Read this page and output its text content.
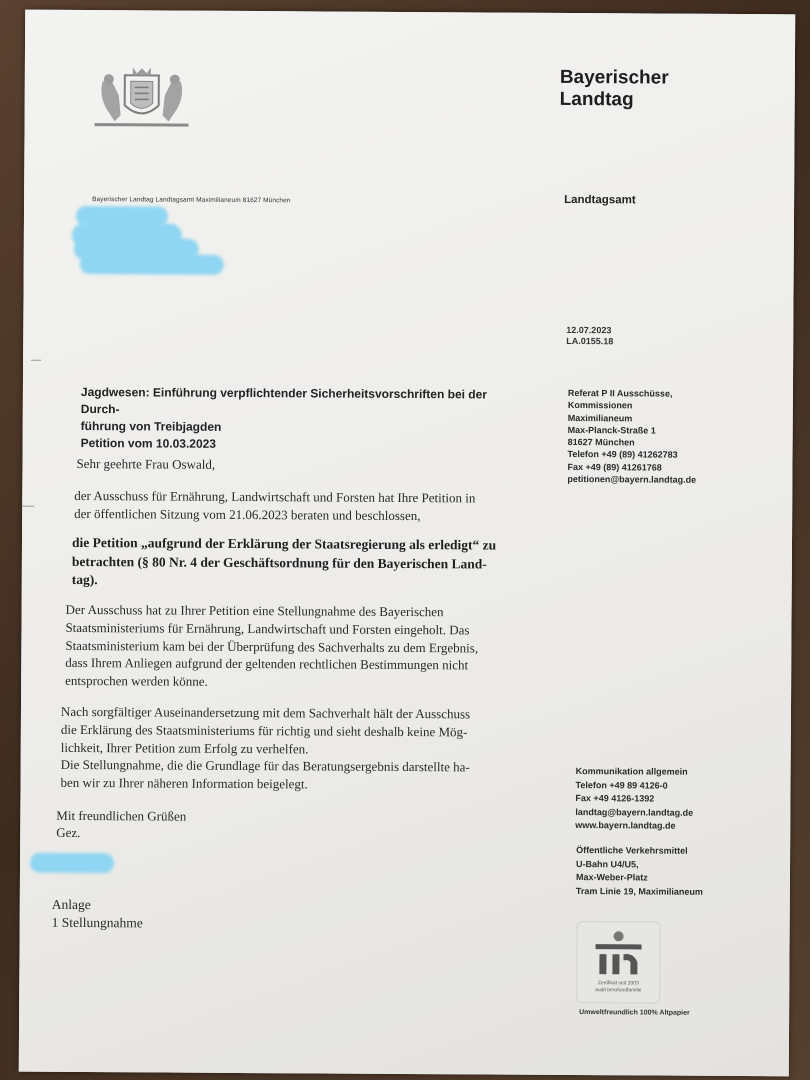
Bayerischer
Landtag
Bayerischer Landtag Landtagsamt Maximilianeum 81627 München	Landtagsamt
12.07.2023
LA.0155.18
Jagdwesen: Einführung verpflichtender Sicherheitsvorschriften bei der Durch-
führung von Treibjagden
Petition vom 10.03.2023
Referat P II Ausschüsse,
Kommissionen
Maximilianeum
Max-Planck-Straße 1
81627 München
Telefon +49 (89) 41262783
Fax +49 (89) 41261768
petitionen@bayern.landtag.de
Sehr geehrte Frau Oswald,
der Ausschuss für Ernährung, Landwirtschaft und Forsten hat Ihre Petition in
der öffentlichen Sitzung vom 21.06.2023 beraten und beschlossen,
die Petition „aufgrund der Erklärung der Staatsregierung als erledigt“ zu
betrachten (§ 80 Nr. 4 der Geschäftsordnung für den Bayerischen Land-
tag).
Der Ausschuss hat zu Ihrer Petition eine Stellungnahme des Bayerischen
Staatsministeriums für Ernährung, Landwirtschaft und Forsten eingeholt. Das
Staatsministerium kam bei der Überprüfung des Sachverhalts zu dem Ergebnis,
dass Ihrem Anliegen aufgrund der geltenden rechtlichen Bestimmungen nicht
entsprochen werden könne.
Nach sorgfältiger Auseinandersetzung mit dem Sachverhalt hält der Ausschuss
die Erklärung des Staatsministeriums für richtig und sieht deshalb keine Mög-
lichkeit, Ihrer Petition zum Erfolg zu verhelfen.
Die Stellungnahme, die die Grundlage für das Beratungsergebnis darstellte ha-
ben wir zu Ihrer näheren Information beigelegt.
Mit freundlichen Grüßen
Gez.
Anlage
1 Stellungnahme
Kommunikation allgemein
Telefon +49 89 4126-0
Fax +49 4126-1392
landtag@bayern.landtag.de
www.bayern.landtag.de
Öffentliche Verkehrsmittel
U-Bahn U4/U5,
Max-Weber-Platz
Tram Linie 19, Maximilianeum
Zertifikat seit 2003
audit berufundfamilie
Umweltfreundlich 100% Altpapier
